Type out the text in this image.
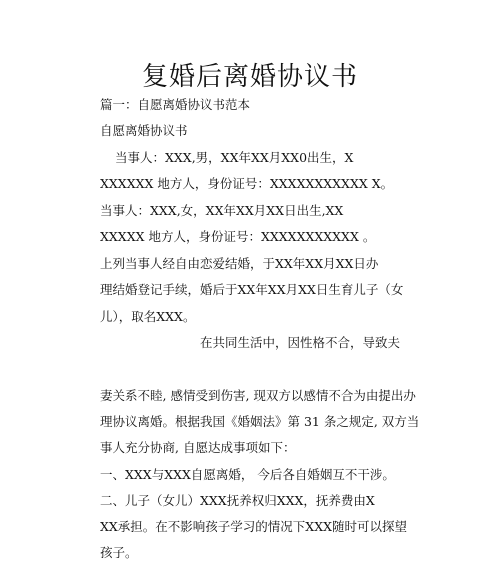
复婚后离婚协议书
篇一：自愿离婚协议书范本
自愿离婚协议书
当事人：XXX,男，XX年XX月XX0出生，X
XXXXXX 地方人，身份证号：XXXXXXXXXXX X。
当事人：XXX,女，XX年XX月XX日出生,XX
XXXXX 地方人，身份证号：XXXXXXXXXXX 。
上列当事人经自由恋爱结婚，于XX年XX月XX日办
理结婚登记手续，婚后于XX年XX月XX日生育儿子（女
儿），取名XXX。
在共同生活中，因性格不合，导致夫
妻关系不睦, 感情受到伤害, 现双方以感情不合为由提出办
理协议离婚。根据我国《婚姻法》第 31 条之规定, 双方当
事人充分协商, 自愿达成事项如下：
一、XXX与XXX自愿离婚， 今后各自婚姻互不干涉。
二、儿子（女儿）XXX抚养权归XXX，抚养费由X
XX承担。在不影响孩子学习的情况下XXX随时可以探望
孩子。
